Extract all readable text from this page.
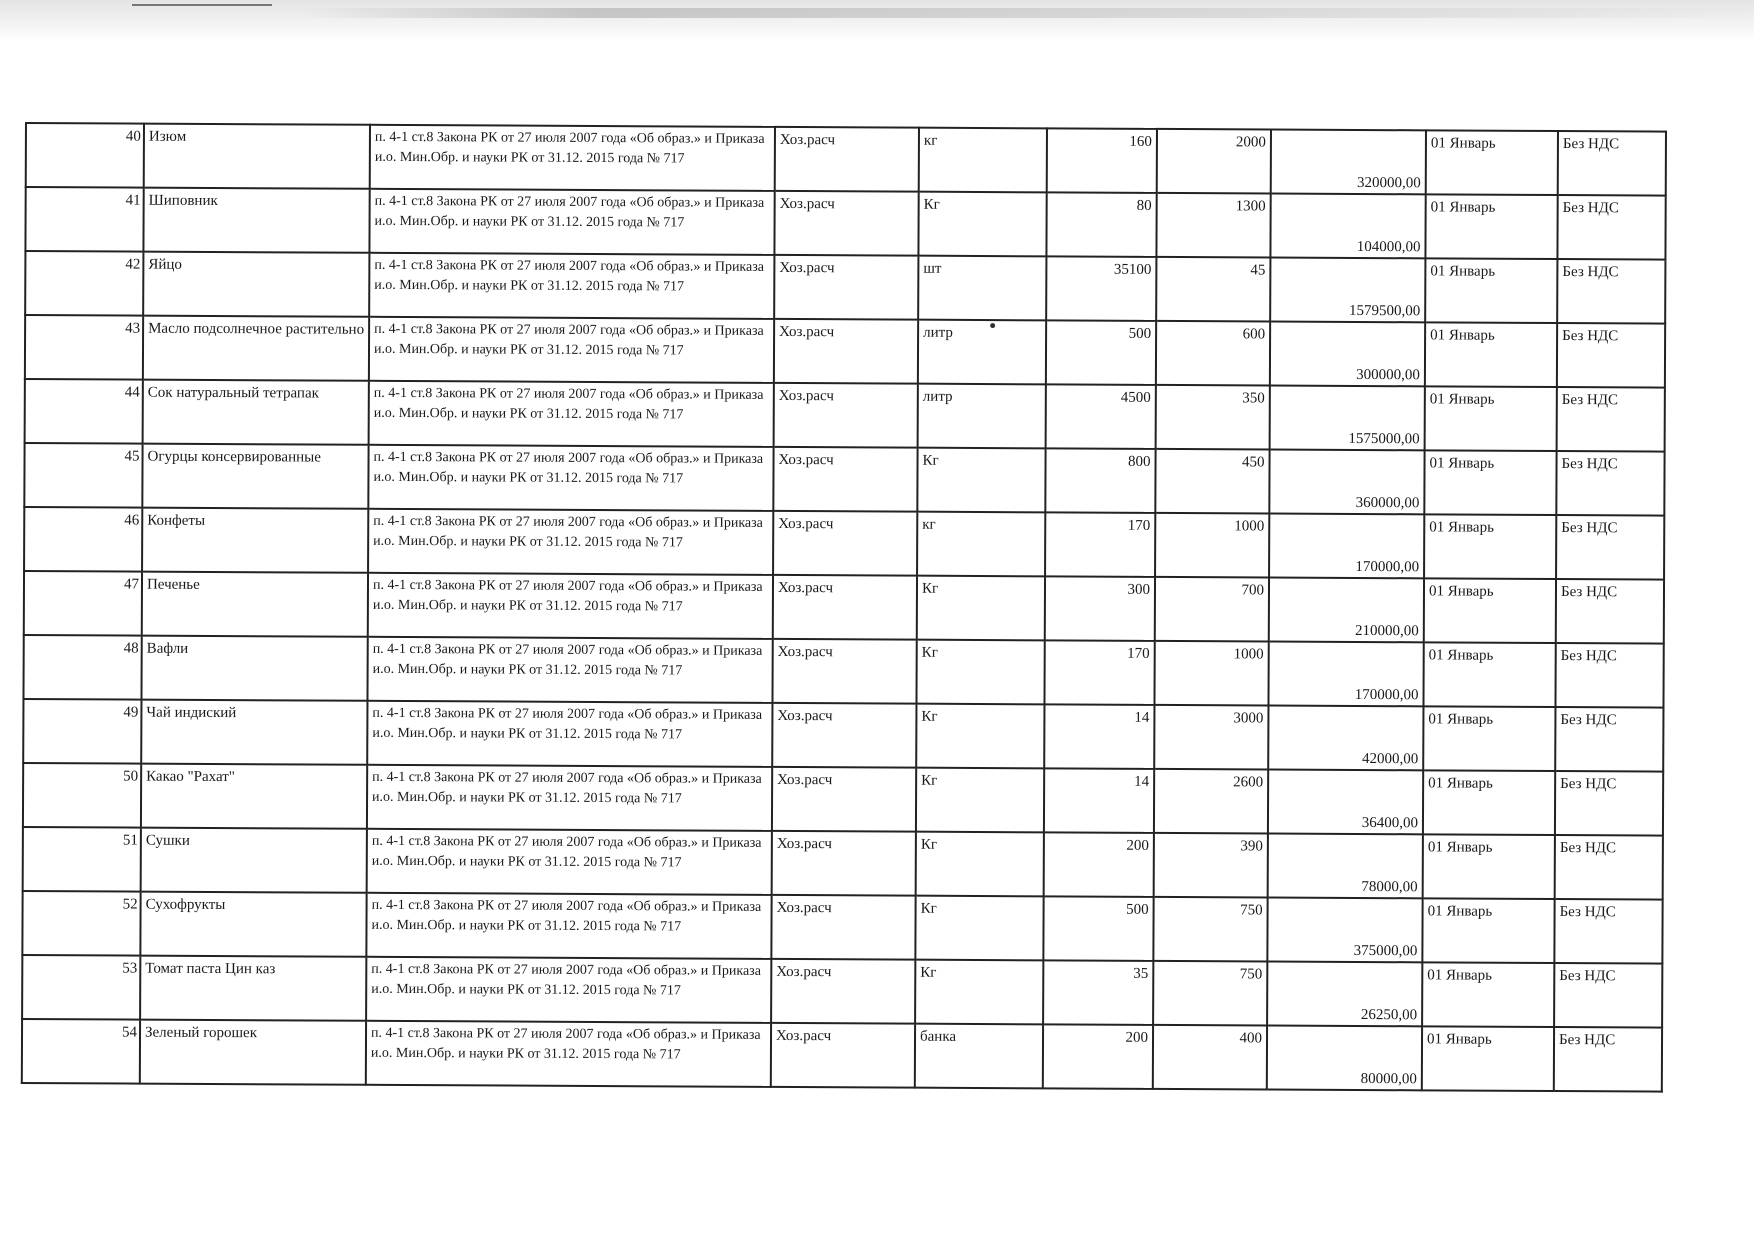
40	Изюм	п. 4-1 ст.8 Закона РК от 27 июля 2007 года «Об образ.» и Приказа и.о. Мин.Обр. и науки РК от 31.12. 2015 года № 717	Хоз.расч	кг	160	2000	320000,00	01 Январь	Без НДС
41	Шиповник	п. 4-1 ст.8 Закона РК от 27 июля 2007 года «Об образ.» и Приказа и.о. Мин.Обр. и науки РК от 31.12. 2015 года № 717	Хоз.расч	Кг	80	1300	104000,00	01 Январь	Без НДС
42	Яйцо	п. 4-1 ст.8 Закона РК от 27 июля 2007 года «Об образ.» и Приказа и.о. Мин.Обр. и науки РК от 31.12. 2015 года № 717	Хоз.расч	шт	35100	45	1579500,00	01 Январь	Без НДС
43	Масло подсолнечное растительно	п. 4-1 ст.8 Закона РК от 27 июля 2007 года «Об образ.» и Приказа и.о. Мин.Обр. и науки РК от 31.12. 2015 года № 717	Хоз.расч	литр	500	600	300000,00	01 Январь	Без НДС
44	Сок натуральный тетрапак	п. 4-1 ст.8 Закона РК от 27 июля 2007 года «Об образ.» и Приказа и.о. Мин.Обр. и науки РК от 31.12. 2015 года № 717	Хоз.расч	литр	4500	350	1575000,00	01 Январь	Без НДС
45	Огурцы консервированные	п. 4-1 ст.8 Закона РК от 27 июля 2007 года «Об образ.» и Приказа и.о. Мин.Обр. и науки РК от 31.12. 2015 года № 717	Хоз.расч	Кг	800	450	360000,00	01 Январь	Без НДС
46	Конфеты	п. 4-1 ст.8 Закона РК от 27 июля 2007 года «Об образ.» и Приказа и.о. Мин.Обр. и науки РК от 31.12. 2015 года № 717	Хоз.расч	кг	170	1000	170000,00	01 Январь	Без НДС
47	Печенье	п. 4-1 ст.8 Закона РК от 27 июля 2007 года «Об образ.» и Приказа и.о. Мин.Обр. и науки РК от 31.12. 2015 года № 717	Хоз.расч	Кг	300	700	210000,00	01 Январь	Без НДС
48	Вафли	п. 4-1 ст.8 Закона РК от 27 июля 2007 года «Об образ.» и Приказа и.о. Мин.Обр. и науки РК от 31.12. 2015 года № 717	Хоз.расч	Кг	170	1000	170000,00	01 Январь	Без НДС
49	Чай индиский	п. 4-1 ст.8 Закона РК от 27 июля 2007 года «Об образ.» и Приказа и.о. Мин.Обр. и науки РК от 31.12. 2015 года № 717	Хоз.расч	Кг	14	3000	42000,00	01 Январь	Без НДС
50	Какао "Рахат"	п. 4-1 ст.8 Закона РК от 27 июля 2007 года «Об образ.» и Приказа и.о. Мин.Обр. и науки РК от 31.12. 2015 года № 717	Хоз.расч	Кг	14	2600	36400,00	01 Январь	Без НДС
51	Сушки	п. 4-1 ст.8 Закона РК от 27 июля 2007 года «Об образ.» и Приказа и.о. Мин.Обр. и науки РК от 31.12. 2015 года № 717	Хоз.расч	Кг	200	390	78000,00	01 Январь	Без НДС
52	Сухофрукты	п. 4-1 ст.8 Закона РК от 27 июля 2007 года «Об образ.» и Приказа и.о. Мин.Обр. и науки РК от 31.12. 2015 года № 717	Хоз.расч	Кг	500	750	375000,00	01 Январь	Без НДС
53	Томат паста Цин каз	п. 4-1 ст.8 Закона РК от 27 июля 2007 года «Об образ.» и Приказа и.о. Мин.Обр. и науки РК от 31.12. 2015 года № 717	Хоз.расч	Кг	35	750	26250,00	01 Январь	Без НДС
54	Зеленый горошек	п. 4-1 ст.8 Закона РК от 27 июля 2007 года «Об образ.» и Приказа и.о. Мин.Обр. и науки РК от 31.12. 2015 года № 717	Хоз.расч	банка	200	400	80000,00	01 Январь	Без НДС
